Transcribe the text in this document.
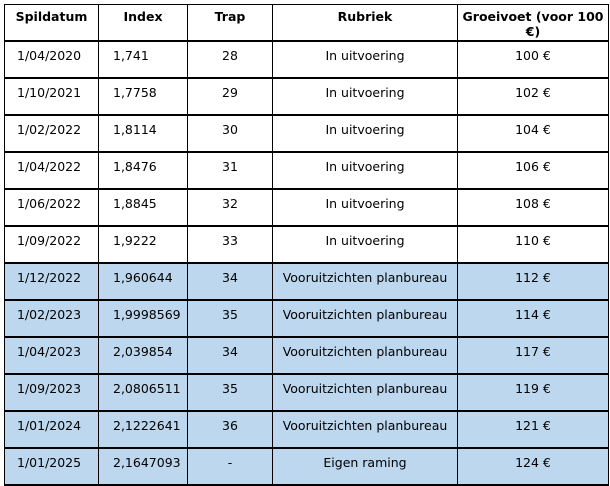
Spildatum	Index	Trap	Rubriek	Groeivoet (voor 100 €)
1/04/2020	1,741	28	In uitvoering	100 €
1/10/2021	1,7758	29	In uitvoering	102 €
1/02/2022	1,8114	30	In uitvoering	104 €
1/04/2022	1,8476	31	In uitvoering	106 €
1/06/2022	1,8845	32	In uitvoering	108 €
1/09/2022	1,9222	33	In uitvoering	110 €
1/12/2022	1,960644	34	Vooruitzichten planbureau	112 €
1/02/2023	1,9998569	35	Vooruitzichten planbureau	114 €
1/04/2023	2,039854	34	Vooruitzichten planbureau	117 €
1/09/2023	2,0806511	35	Vooruitzichten planbureau	119 €
1/01/2024	2,1222641	36	Vooruitzichten planbureau	121 €
1/01/2025	2,1647093	-	Eigen raming	124 €
